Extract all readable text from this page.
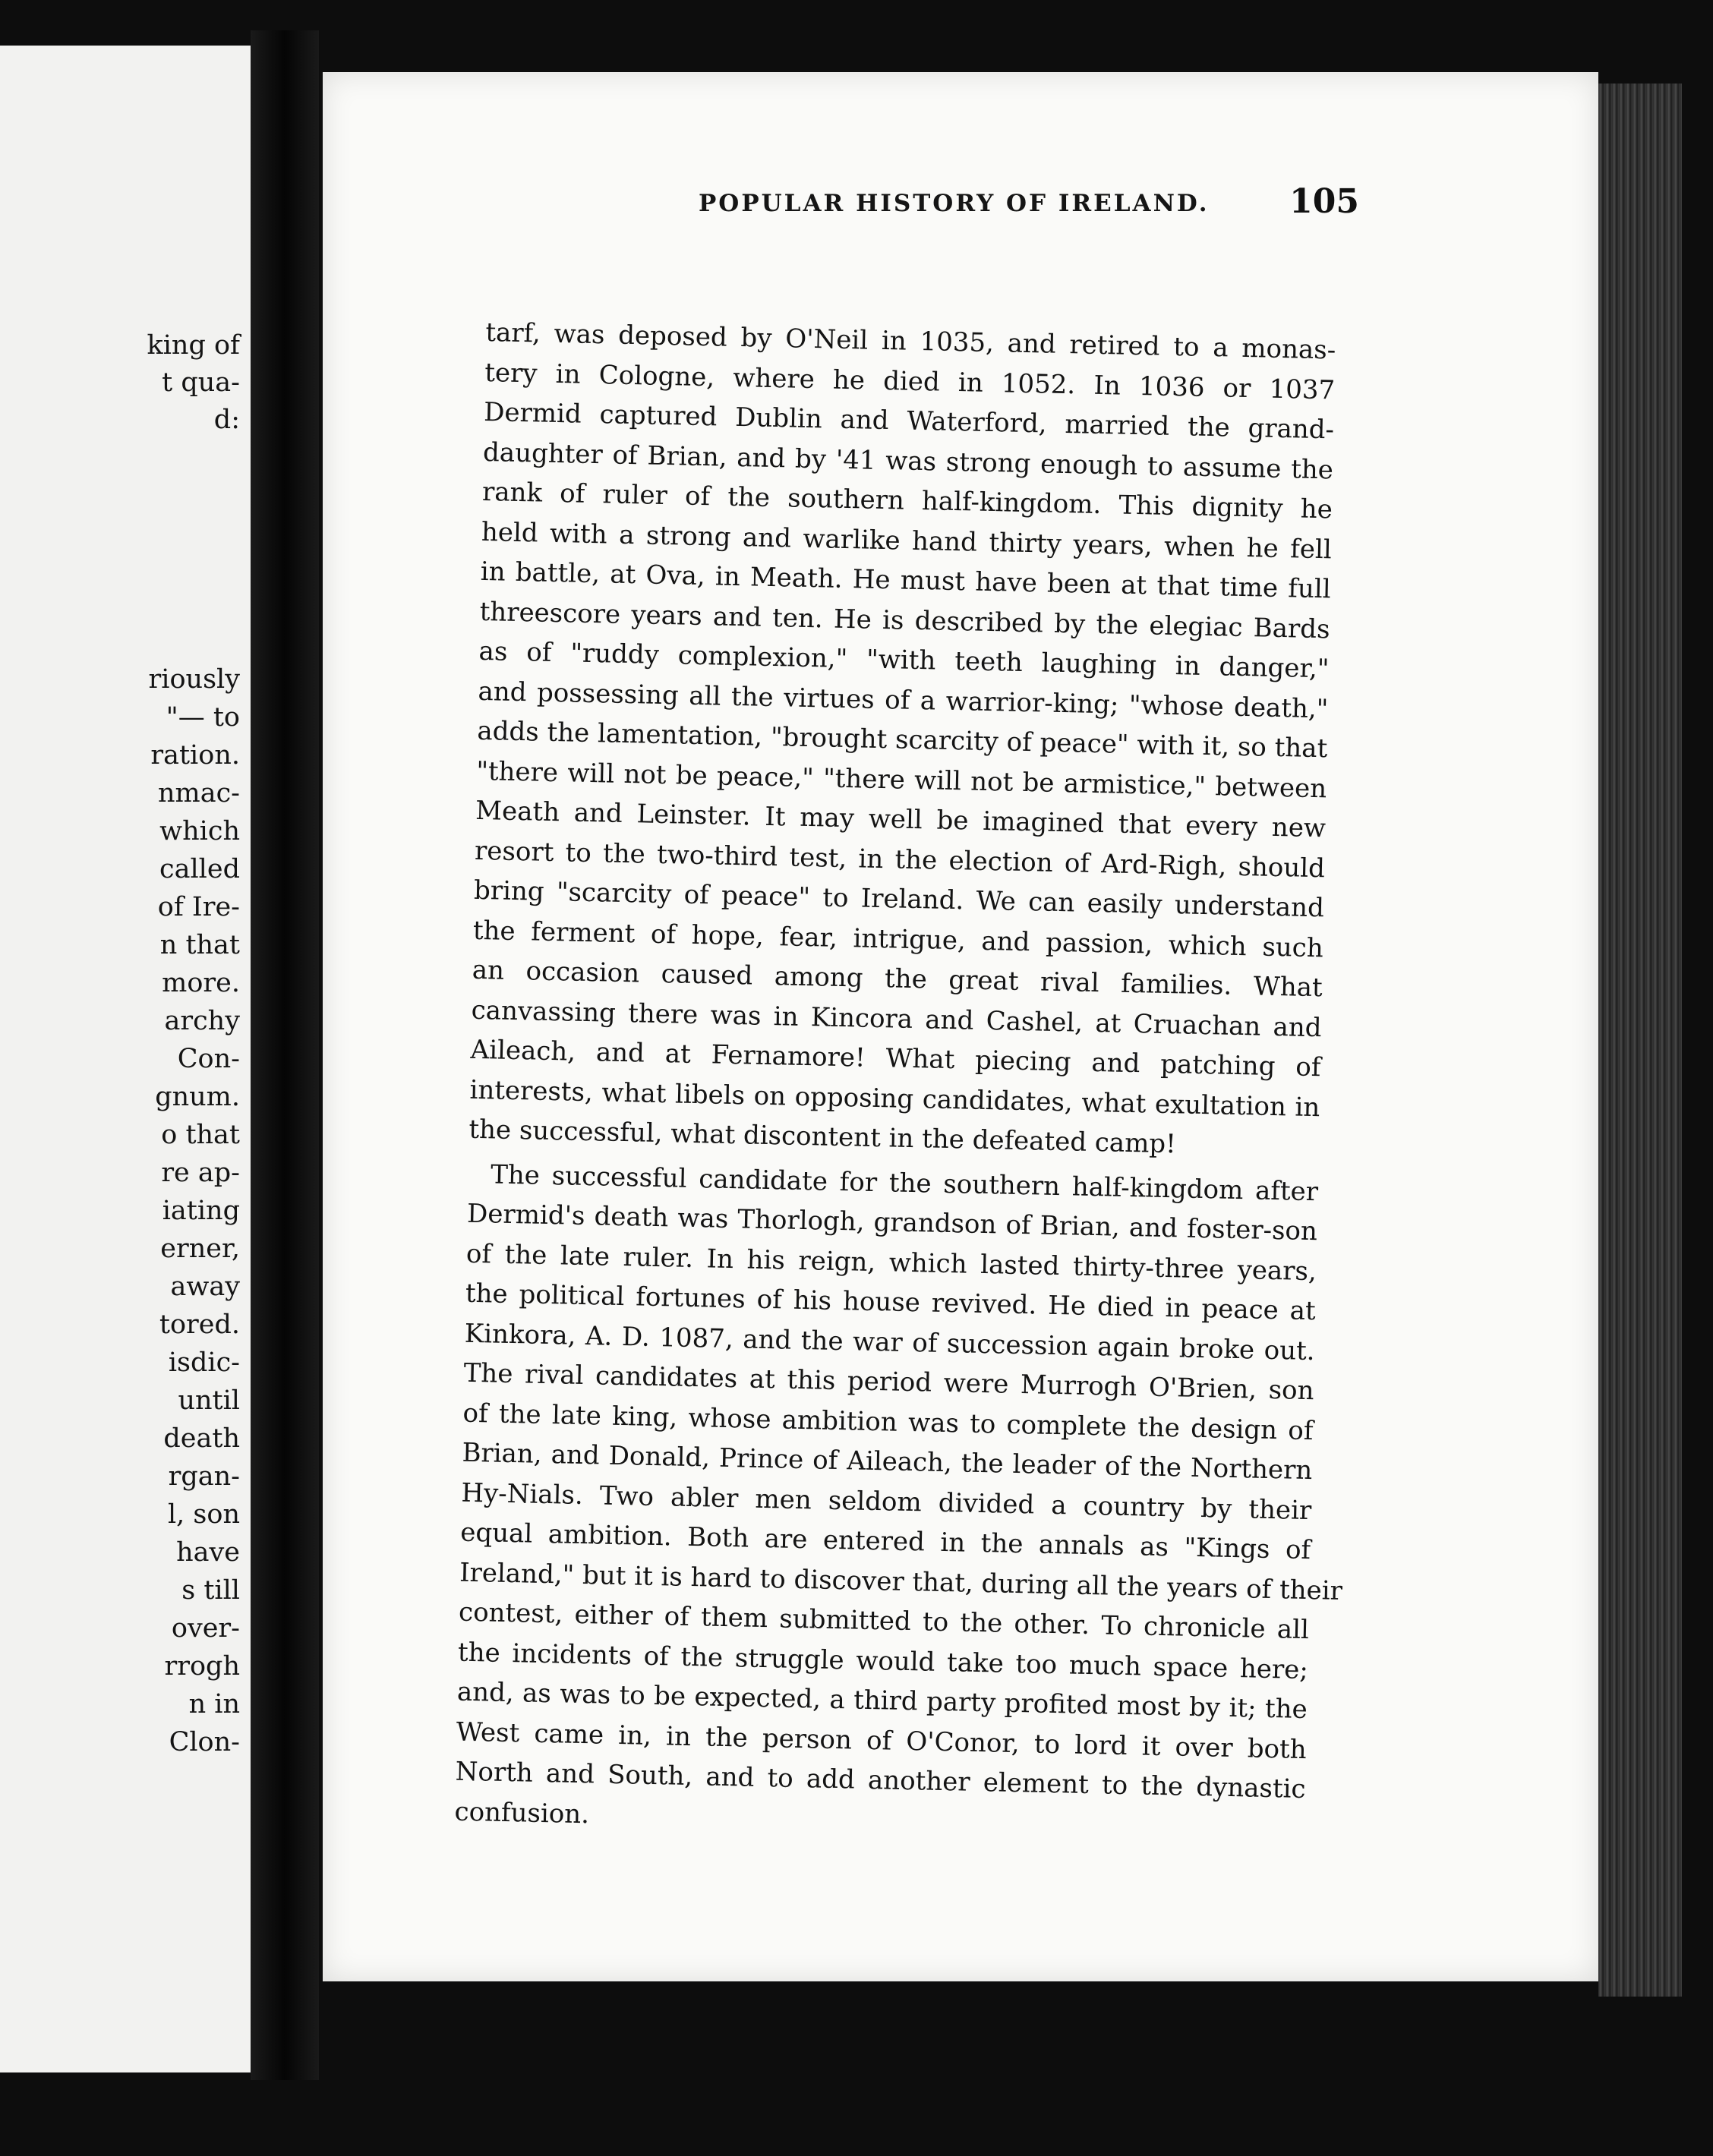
king of
t qua-
d:
riously
"— to
ration.
nmac-
which
called
of Ire-
n that
more.
archy
Con-
gnum.
o that
re ap-
iating
erner,
away
tored.
isdic-
until
death
rgan-
l, son
have
s till
over-
rrogh
n in
Clon-
POPULAR HISTORY OF IRELAND. 105

tarf, was deposed by O'Neil in 1035, and retired to a monas-
tery in Cologne, where he died in 1052. In 1036 or 1037
Dermid captured Dublin and Waterford, married the grand-
daughter of Brian, and by '41 was strong enough to assume the
rank of ruler of the southern half-kingdom. This dignity he
held with a strong and warlike hand thirty years, when he fell
in battle, at Ova, in Meath. He must have been at that time full
threescore years and ten. He is described by the elegiac Bards
as of "ruddy complexion," "with teeth laughing in danger,"
and possessing all the virtues of a warrior-king; "whose death,"
adds the lamentation, "brought scarcity of peace" with it, so that
"there will not be peace," "there will not be armistice," between
Meath and Leinster. It may well be imagined that every new
resort to the two-third test, in the election of Ard-Righ, should
bring "scarcity of peace" to Ireland. We can easily understand
the ferment of hope, fear, intrigue, and passion, which such
an occasion caused among the great rival families. What
canvassing there was in Kincora and Cashel, at Cruachan and
Aileach, and at Fernamore! What piecing and patching of
interests, what libels on opposing candidates, what exultation in
the successful, what discontent in the defeated camp!

The successful candidate for the southern half-kingdom after
Dermid's death was Thorlogh, grandson of Brian, and foster-son
of the late ruler. In his reign, which lasted thirty-three years,
the political fortunes of his house revived. He died in peace at
Kinkora, A. D. 1087, and the war of succession again broke out.
The rival candidates at this period were Murrogh O'Brien, son
of the late king, whose ambition was to complete the design of
Brian, and Donald, Prince of Aileach, the leader of the Northern
Hy-Nials. Two abler men seldom divided a country by their
equal ambition. Both are entered in the annals as "Kings of
Ireland," but it is hard to discover that, during all the years of their
contest, either of them submitted to the other. To chronicle all
the incidents of the struggle would take too much space here;
and, as was to be expected, a third party profited most by it; the
West came in, in the person of O'Conor, to lord it over both
North and South, and to add another element to the dynastic
confusion.
